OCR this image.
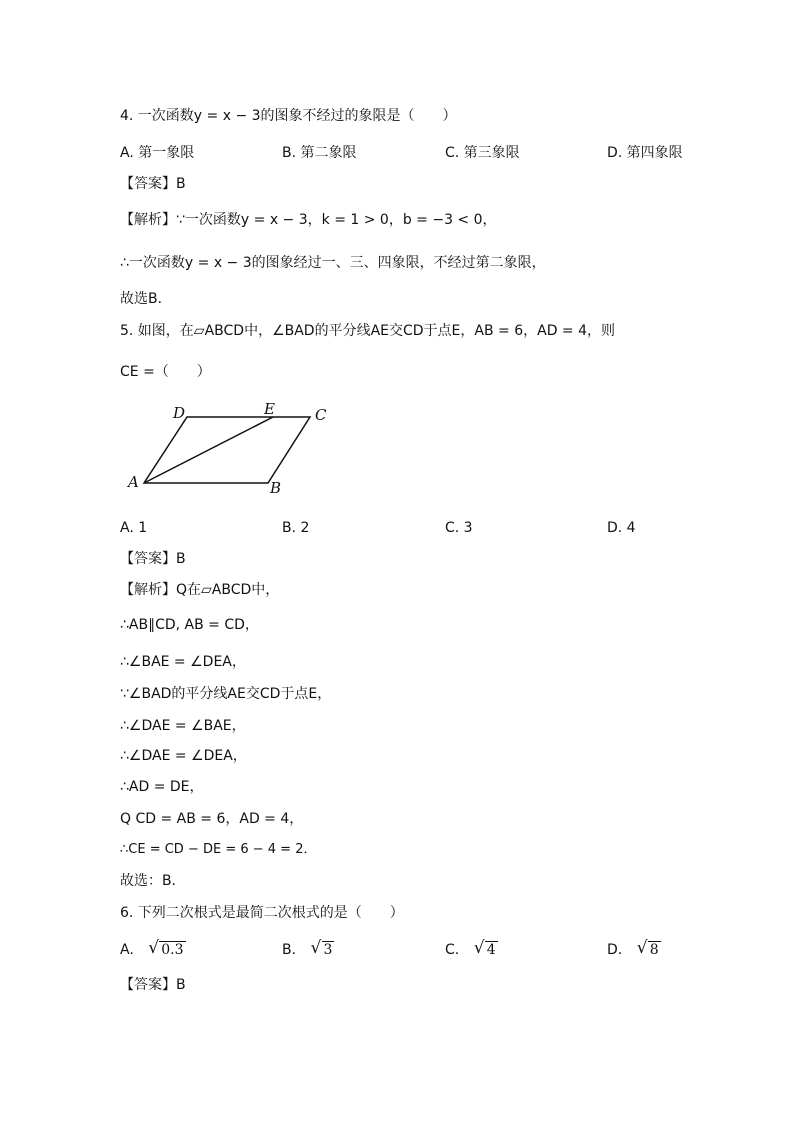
4. 一次函数y = x − 3的图象不经过的象限是（　　）
A. 第一象限	B. 第二象限	C. 第三象限	D. 第四象限
【答案】B
【解析】∵一次函数y = x − 3，k = 1 > 0，b = −3 < 0，
∴一次函数y = x − 3的图象经过一、三、四象限，不经过第二象限，
故选B．
5. 如图，在▱ABCD中，∠BAD的平分线AE交CD于点E，AB = 6，AD = 4，则
CE =（　　）
D	E	C
A	B
A. 1	B. 2	C. 3	D. 4
【答案】B
【解析】Q在▱ABCD中，
∴AB∥CD, AB = CD，
∴∠BAE = ∠DEA，
∵∠BAD的平分线AE交CD于点E，
∴∠DAE = ∠BAE，
∴∠DAE = ∠DEA，
∴AD = DE，
Q CD = AB = 6，AD = 4，
∴CE = CD − DE = 6 − 4 = 2．
故选：B．
6. 下列二次根式是最简二次根式的是（　　）
A. √ 0.3	B. √ 3	C. √ 4	D. √ 8
【答案】B
